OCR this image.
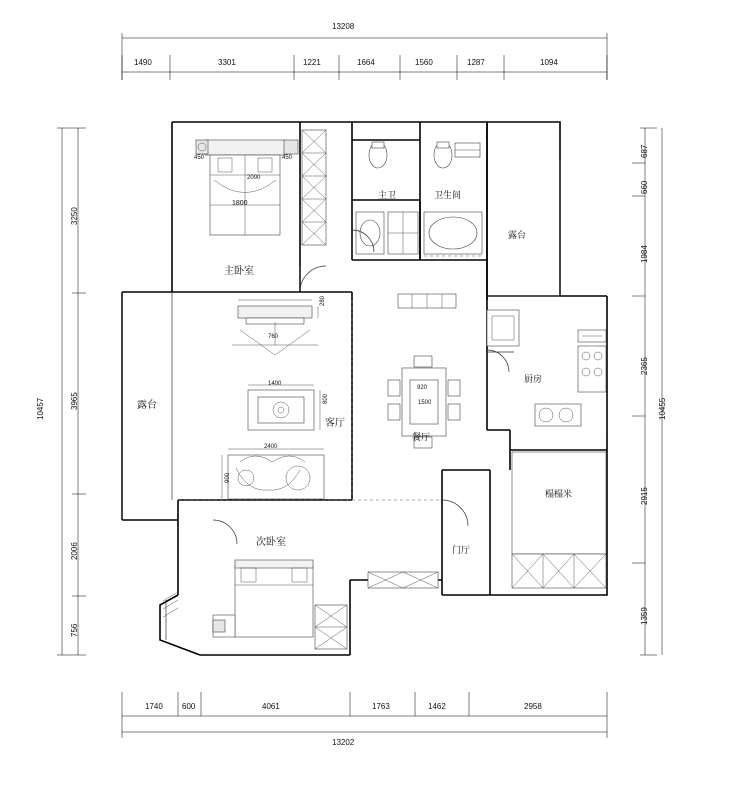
13208
1490	3301	1221	1664	1560	1287	1094
1740 600	4061	1763	1462	2958
13202
10457
3250
3965
2006
756
10455
687
660
1984
2365
2915
1359
主卧室
主卫	卫生间
露台
露台
厨房
客厅
餐厅
榻榻米
次卧室
门厅
450	450
2000
1800
760
280
1400
800
2400
900
920
1500
